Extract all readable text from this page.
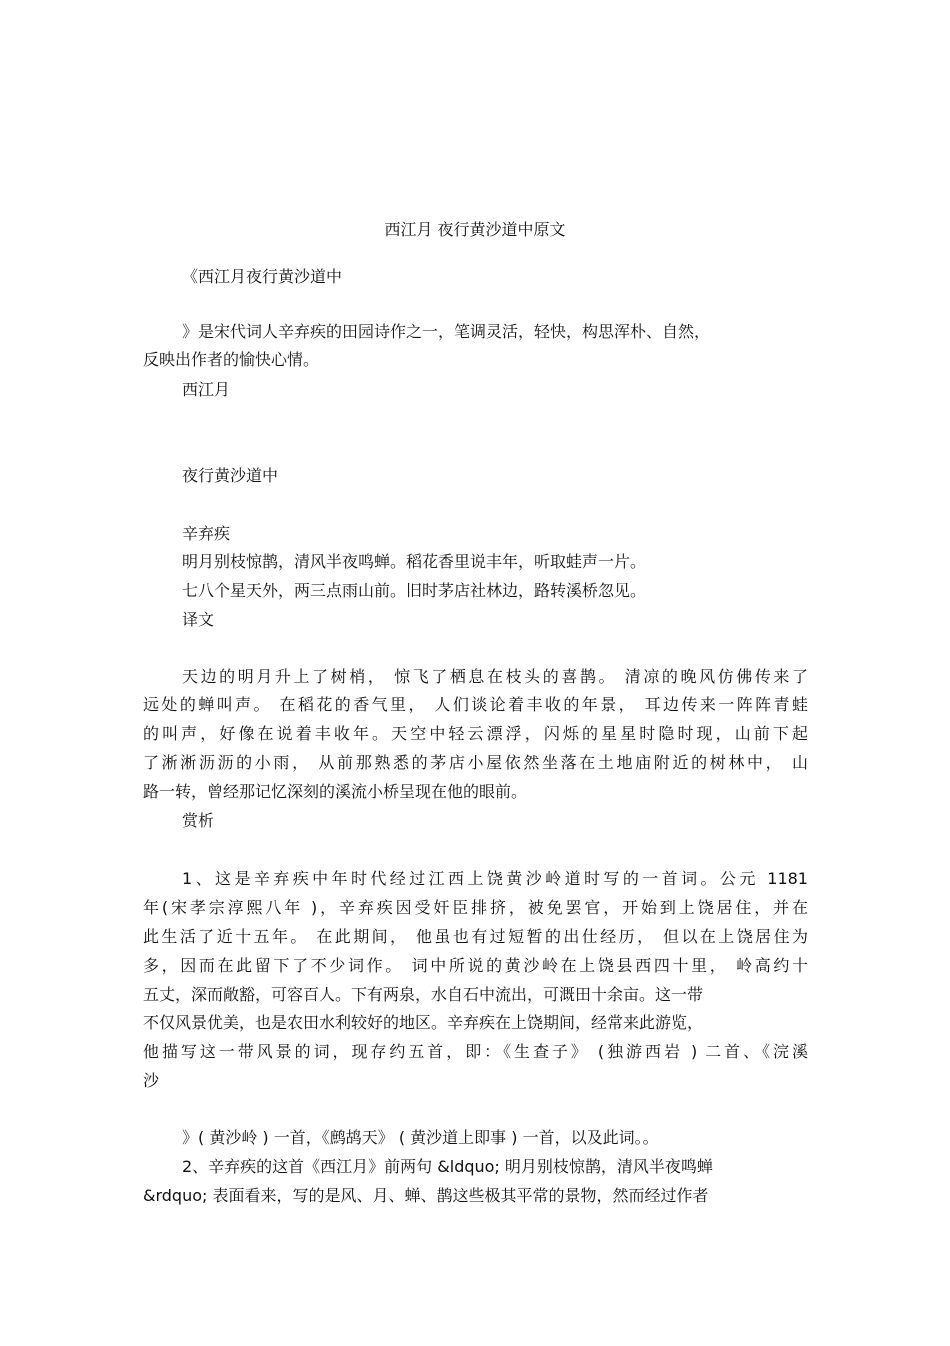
西江月 夜行黄沙道中原文
《西江月夜行黄沙道中
》是宋代词人辛弃疾的田园诗作之一，笔调灵活，轻快，构思浑朴、自然，
反映出作者的愉快心情。
西江月
夜行黄沙道中
辛弃疾
明月别枝惊鹊，清风半夜鸣蝉。稻花香里说丰年，听取蛙声一片。
七八个星天外，两三点雨山前。旧时茅店社林边，路转溪桥忽见。
译文
天边的明月升上了树梢， 惊飞了栖息在枝头的喜鹊。 清凉的晚风仿佛传来了
远处的蝉叫声。 在稻花的香气里， 人们谈论着丰收的年景， 耳边传来一阵阵青蛙
的叫声，好像在说着丰收年。天空中轻云漂浮，闪烁的星星时隐时现，山前下起
了淅淅沥沥的小雨， 从前那熟悉的茅店小屋依然坐落在土地庙附近的树林中， 山
路一转，曾经那记忆深刻的溪流小桥呈现在他的眼前。
赏析
1、这是辛弃疾中年时代经过江西上饶黄沙岭道时写的一首词。公元 1181
年(宋孝宗淳熙八年 )，辛弃疾因受奸臣排挤，被免罢官，开始到上饶居住，并在
此生活了近十五年。 在此期间， 他虽也有过短暂的出仕经历， 但以在上饶居住为
多，因而在此留下了不少词作。 词中所说的黄沙岭在上饶县西四十里， 岭高约十
五丈，深而敞豁，可容百人。下有两泉，水自石中流出，可溉田十余亩。这一带
不仅风景优美，也是农田水利较好的地区。辛弃疾在上饶期间，经常来此游览，
他描写这一带风景的词，现存约五首，即：《生查子》 (独游西岩 ) 二首、《浣溪
沙
》( 黄沙岭 ) 一首，《鹧鸪天》 ( 黄沙道上即事 ) 一首，以及此词。。
2、辛弃疾的这首《西江月》前两句 &ldquo; 明月别枝惊鹊，清风半夜鸣蝉
&rdquo; 表面看来，写的是风、月、蝉、鹊这些极其平常的景物，然而经过作者
